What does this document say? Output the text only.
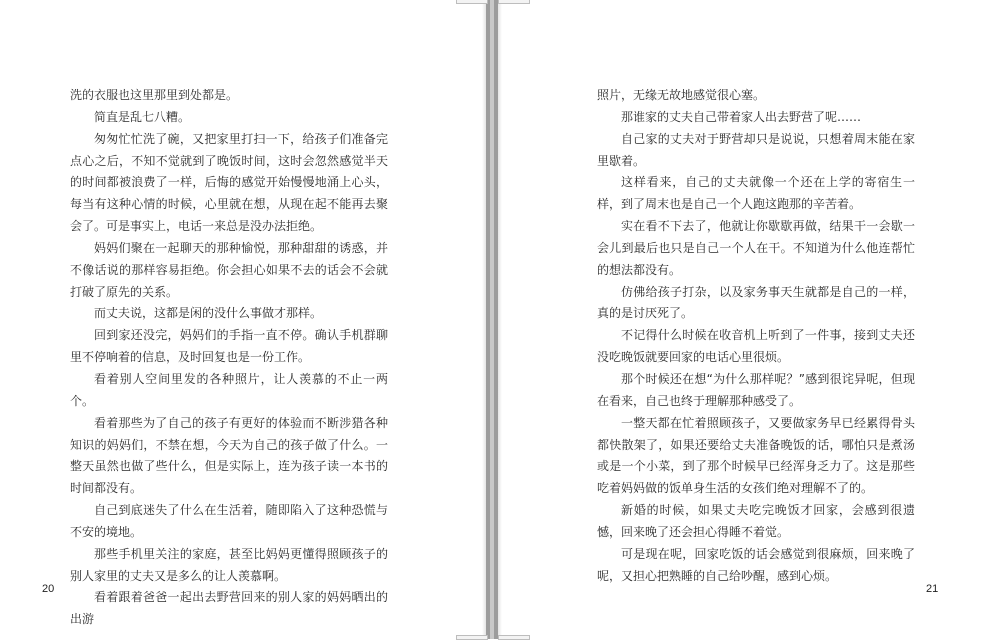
洗的衣服也这里那里到处都是。

简直是乱七八糟。

匆匆忙忙洗了碗，又把家里打扫一下，给孩子们准备完点心之后，不知不觉就到了晚饭时间，这时会忽然感觉半天的时间都被浪费了一样，后悔的感觉开始慢慢地涌上心头，每当有这种心情的时候，心里就在想，从现在起不能再去聚会了。可是事实上，电话一来总是没办法拒绝。

妈妈们聚在一起聊天的那种愉悦，那种甜甜的诱惑，并不像话说的那样容易拒绝。你会担心如果不去的话会不会就打破了原先的关系。

而丈夫说，这都是闲的没什么事做才那样。

回到家还没完，妈妈们的手指一直不停。确认手机群聊里不停响着的信息，及时回复也是一份工作。

看着别人空间里发的各种照片，让人羡慕的不止一两个。

看着那些为了自己的孩子有更好的体验而不断涉猎各种知识的妈妈们，不禁在想，今天为自己的孩子做了什么。一整天虽然也做了些什么，但是实际上，连为孩子读一本书的时间都没有。

自己到底迷失了什么在生活着，随即陷入了这种恐慌与不安的境地。

那些手机里关注的家庭，甚至比妈妈更懂得照顾孩子的别人家里的丈夫又是多么的让人羡慕啊。

看着跟着爸爸一起出去野营回来的别人家的妈妈晒出的出游

20

照片，无缘无故地感觉很心塞。

那谁家的丈夫自己带着家人出去野营了呢……

自己家的丈夫对于野营却只是说说，只想着周末能在家里歇着。

这样看来，自己的丈夫就像一个还在上学的寄宿生一样，到了周末也是自己一个人跑这跑那的辛苦着。

实在看不下去了，他就让你歇歇再做，结果干一会歇一会儿到最后也只是自己一个人在干。不知道为什么他连帮忙的想法都没有。

仿佛给孩子打杂，以及家务事天生就都是自己的一样，真的是讨厌死了。

不记得什么时候在收音机上听到了一件事，接到丈夫还没吃晚饭就要回家的电话心里很烦。

那个时候还在想“为什么那样呢？”感到很诧异呢，但现在看来，自己也终于理解那种感受了。

一整天都在忙着照顾孩子，又要做家务早已经累得骨头都快散架了，如果还要给丈夫准备晚饭的话，哪怕只是煮汤或是一个小菜，到了那个时候早已经浑身乏力了。这是那些吃着妈妈做的饭单身生活的女孩们绝对理解不了的。

新婚的时候，如果丈夫吃完晚饭才回家，会感到很遗憾，回来晚了还会担心得睡不着觉。

可是现在呢，回家吃饭的话会感觉到很麻烦，回来晚了呢，又担心把熟睡的自己给吵醒，感到心烦。

21
